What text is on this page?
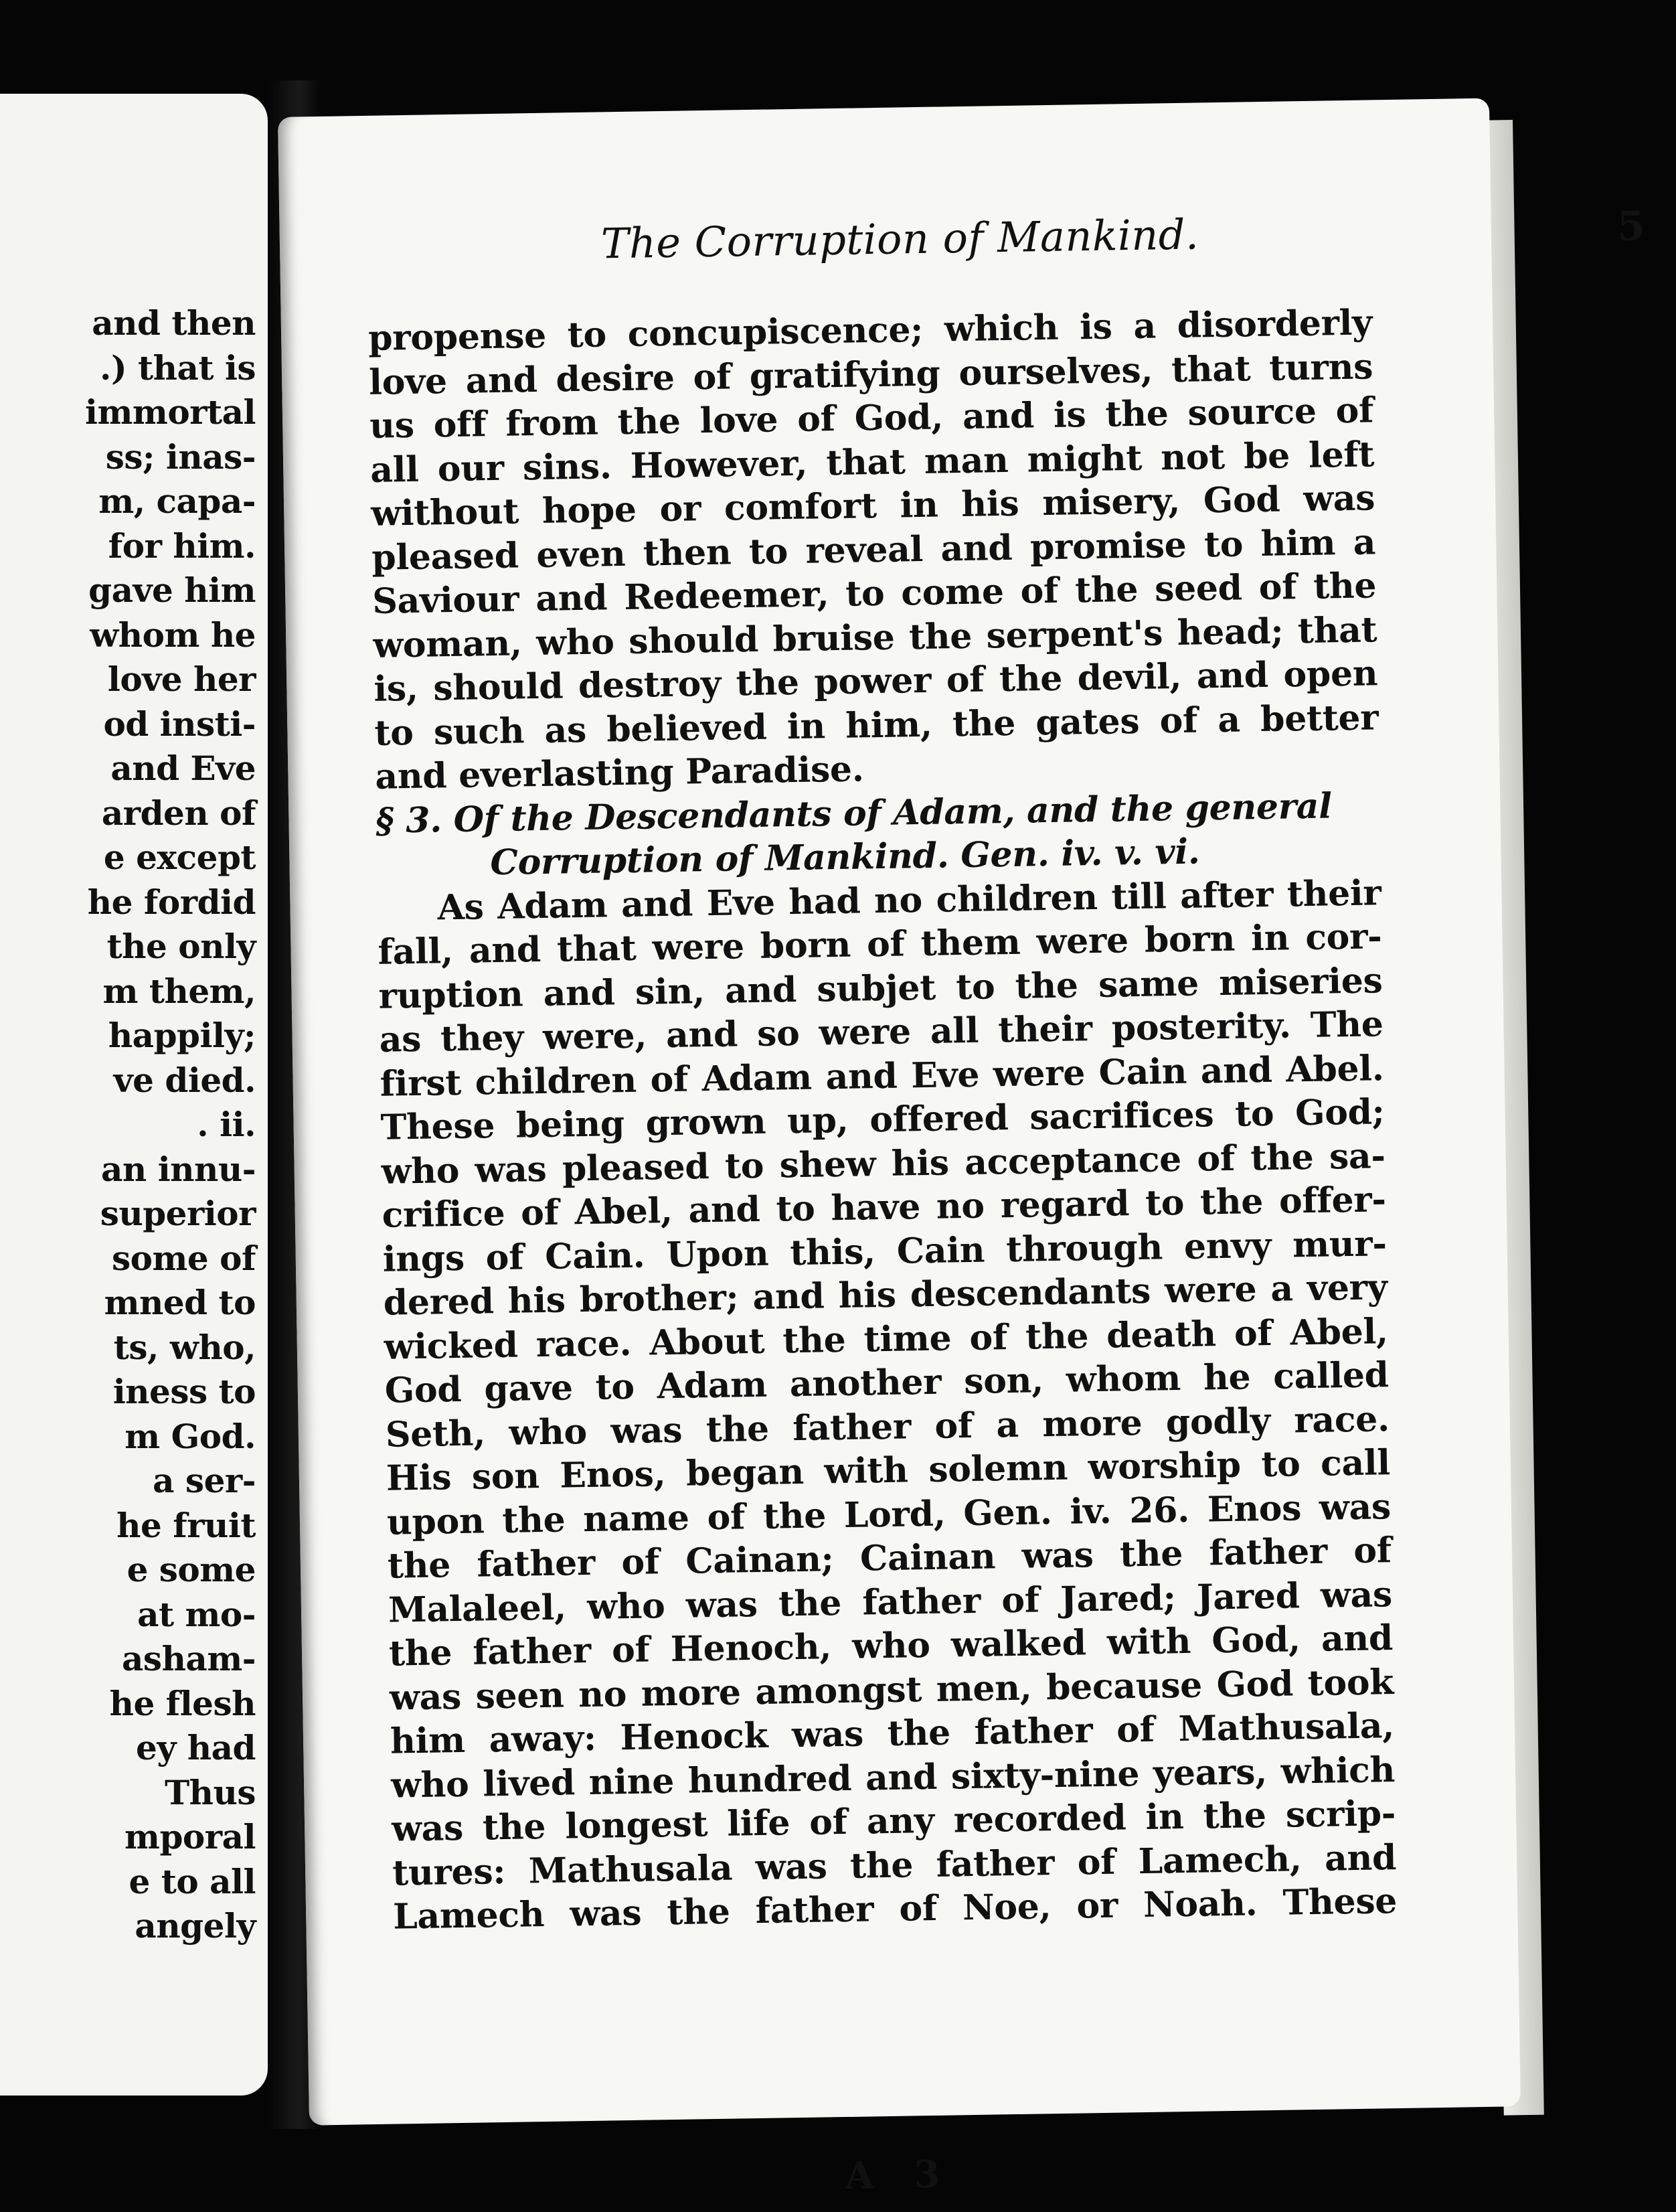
and then
.) that is
immortal
ss; inas-
m, capa-
for him.
gave him
whom he
love her
od insti-
and Eve
arden of
e except
he fordid
the only
m them,
happily;
ve died.
. ii.
an innu-
superior
some of
mned to
ts, who,
iness to
m God.
a ser-
he fruit
e some
at mo-
asham-
he flesh
ey had
Thus
mporal
e to all
angely
The Corruption of Mankind.	5
propense to concupiscence; which is a disorderly
love and desire of gratifying ourselves, that turns
us off from the love of God, and is the source of
all our sins. However, that man might not be left
without hope or comfort in his misery, God was
pleased even then to reveal and promise to him a
Saviour and Redeemer, to come of the seed of the
woman, who should bruise the serpent's head; that
is, should destroy the power of the devil, and open
to such as believed in him, the gates of a better
and everlasting Paradise.
§ 3. Of the Descendants of Adam, and the general
Corruption of Mankind. Gen. iv. v. vi.
As Adam and Eve had no children till after their
fall, and that were born of them were born in cor-
ruption and sin, and subjet to the same miseries
as they were, and so were all their posterity. The
first children of Adam and Eve were Cain and Abel.
These being grown up, offered sacrifices to God;
who was pleased to shew his acceptance of the sa-
crifice of Abel, and to have no regard to the offer-
ings of Cain. Upon this, Cain through envy mur-
dered his brother; and his descendants were a very
wicked race. About the time of the death of Abel,
God gave to Adam another son, whom he called
Seth, who was the father of a more godly race.
His son Enos, began with solemn worship to call
upon the name of the Lord, Gen. iv. 26. Enos was
the father of Cainan; Cainan was the father of
Malaleel, who was the father of Jared; Jared was
the father of Henoch, who walked with God, and
was seen no more amongst men, because God took
him away: Henock was the father of Mathusala,
who lived nine hundred and sixty-nine years, which
was the longest life of any recorded in the scrip-
tures: Mathusala was the father of Lamech, and
Lamech was the father of Noe, or Noah. These
A 3
